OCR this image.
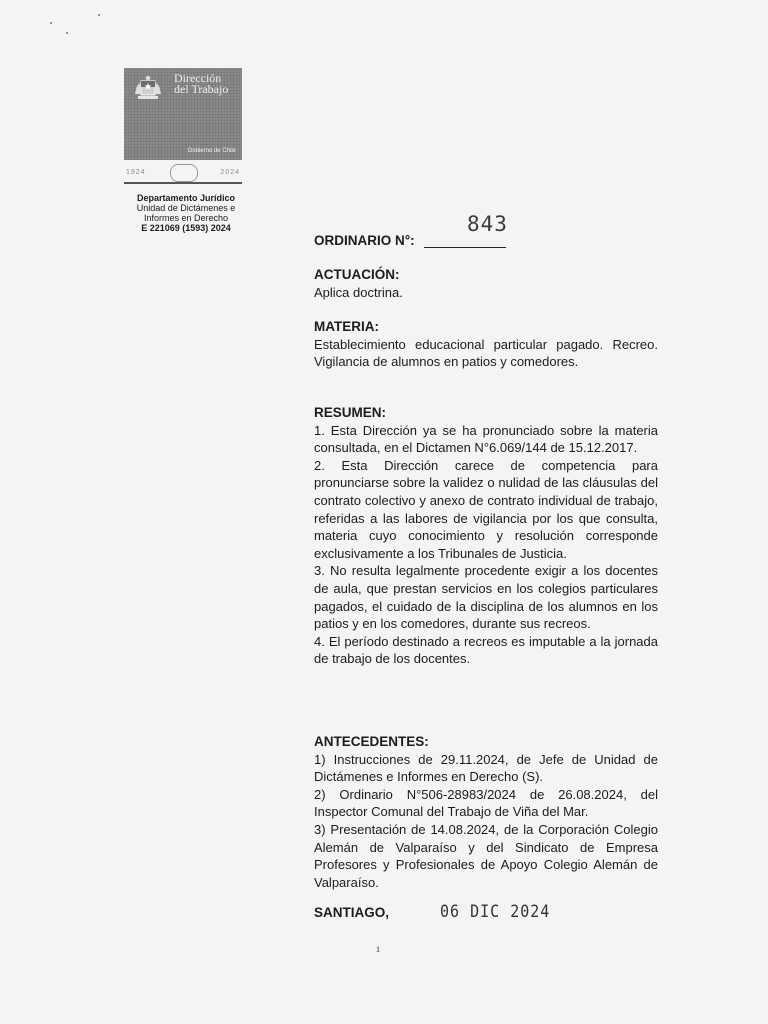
Dirección
del Trabajo
Gobierno de Chile
1924	2024
Departamento Jurídico
Unidad de Dictámenes e
Informes en Derecho
E 221069 (1593) 2024
ORDINARIO N°:
843
ACTUACIÓN:

Aplica doctrina.

MATERIA:

Establecimiento educacional particular pagado. Recreo. Vigilancia de alumnos en patios y comedores.

RESUMEN:

1. Esta Dirección ya se ha pronunciado sobre la materia consultada, en el Dictamen N°6.069/144 de 15.12.2017.

2. Esta Dirección carece de competencia para pronunciarse sobre la validez o nulidad de las cláusulas del contrato colectivo y anexo de contrato individual de trabajo, referidas a las labores de vigilancia por los que consulta, materia cuyo conocimiento y resolución corresponde exclusivamente a los Tribunales de Justicia.

3. No resulta legalmente procedente exigir a los docentes de aula, que prestan servicios en los colegios particulares pagados, el cuidado de la disciplina de los alumnos en los patios y en los comedores, durante sus recreos.

4. El período destinado a recreos es imputable a la jornada de trabajo de los docentes.

ANTECEDENTES:

1) Instrucciones de 29.11.2024, de Jefe de Unidad de Dictámenes e Informes en Derecho (S).

2) Ordinario N°506-28983/2024 de 26.08.2024, del Inspector Comunal del Trabajo de Viña del Mar.

3) Presentación de 14.08.2024, de la Corporación Colegio Alemán de Valparaíso y del Sindicato de Empresa Profesores y Profesionales de Apoyo Colegio Alemán de Valparaíso.

SANTIAGO,	06 DIC 2024
1
